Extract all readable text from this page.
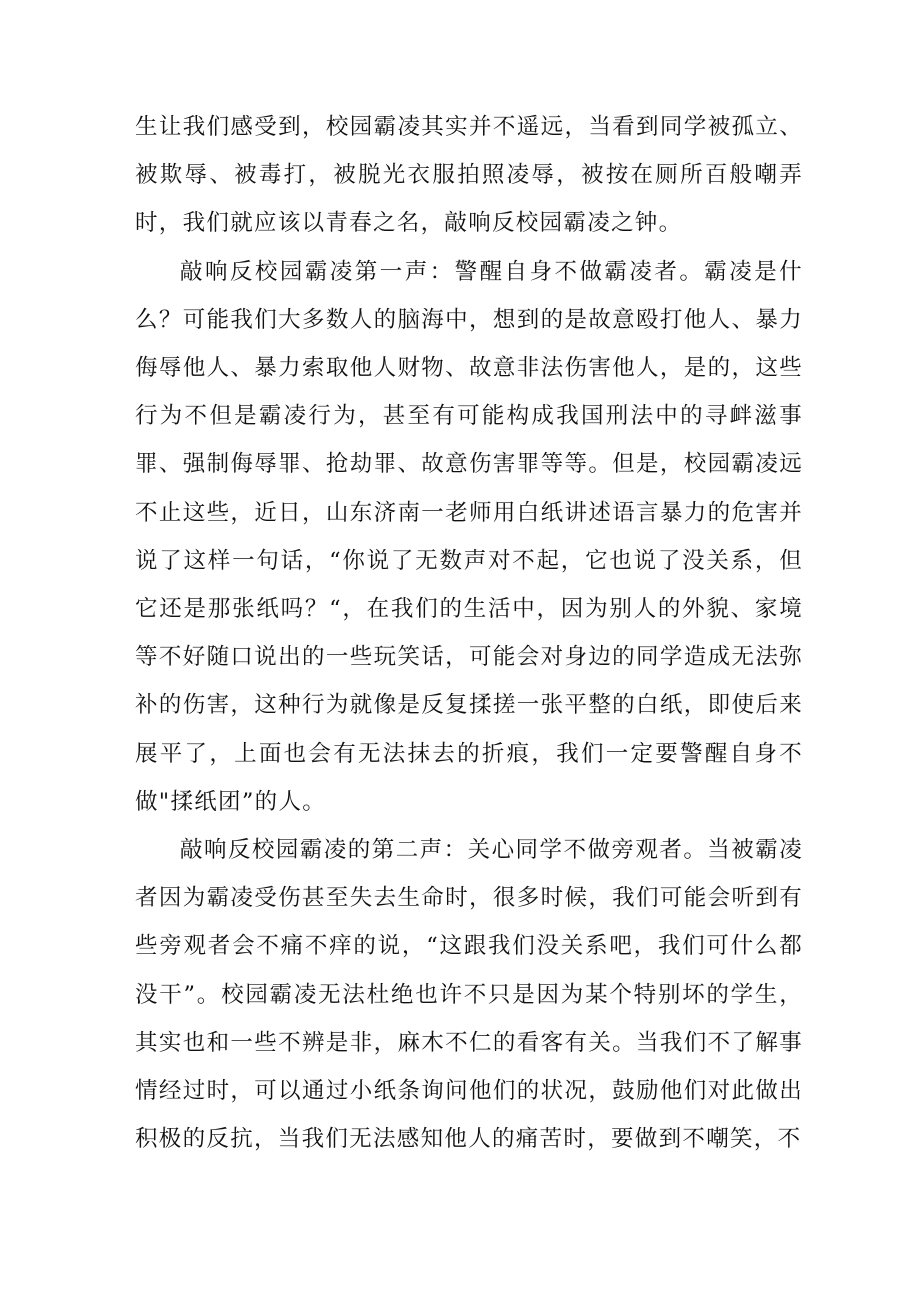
生让我们感受到，校园霸凌其实并不遥远，当看到同学被孤立、被欺辱、被毒打，被脱光衣服拍照凌辱，被按在厕所百般嘲弄时，我们就应该以青春之名，敲响反校园霸凌之钟。

敲响反校园霸凌第一声：警醒自身不做霸凌者。霸凌是什么？可能我们大多数人的脑海中，想到的是故意殴打他人、暴力侮辱他人、暴力索取他人财物、故意非法伤害他人，是的，这些行为不但是霸凌行为，甚至有可能构成我国刑法中的寻衅滋事罪、强制侮辱罪、抢劫罪、故意伤害罪等等。但是，校园霸凌远不止这些，近日，山东济南一老师用白纸讲述语言暴力的危害并说了这样一句话，“你说了无数声对不起，它也说了没关系，但它还是那张纸吗？“，在我们的生活中，因为别人的外貌、家境等不好随口说出的一些玩笑话，可能会对身边的同学造成无法弥补的伤害，这种行为就像是反复揉搓一张平整的白纸，即使后来展平了，上面也会有无法抹去的折痕，我们一定要警醒自身不做"揉纸团”的人。

敲响反校园霸凌的第二声：关心同学不做旁观者。当被霸凌者因为霸凌受伤甚至失去生命时，很多时候，我们可能会听到有些旁观者会不痛不痒的说，“这跟我们没关系吧，我们可什么都没干”。校园霸凌无法杜绝也许不只是因为某个特别坏的学生，其实也和一些不辨是非，麻木不仁的看客有关。当我们不了解事情经过时，可以通过小纸条询问他们的状况，鼓励他们对此做出积极的反抗，当我们无法感知他人的痛苦时，要做到不嘲笑，不
